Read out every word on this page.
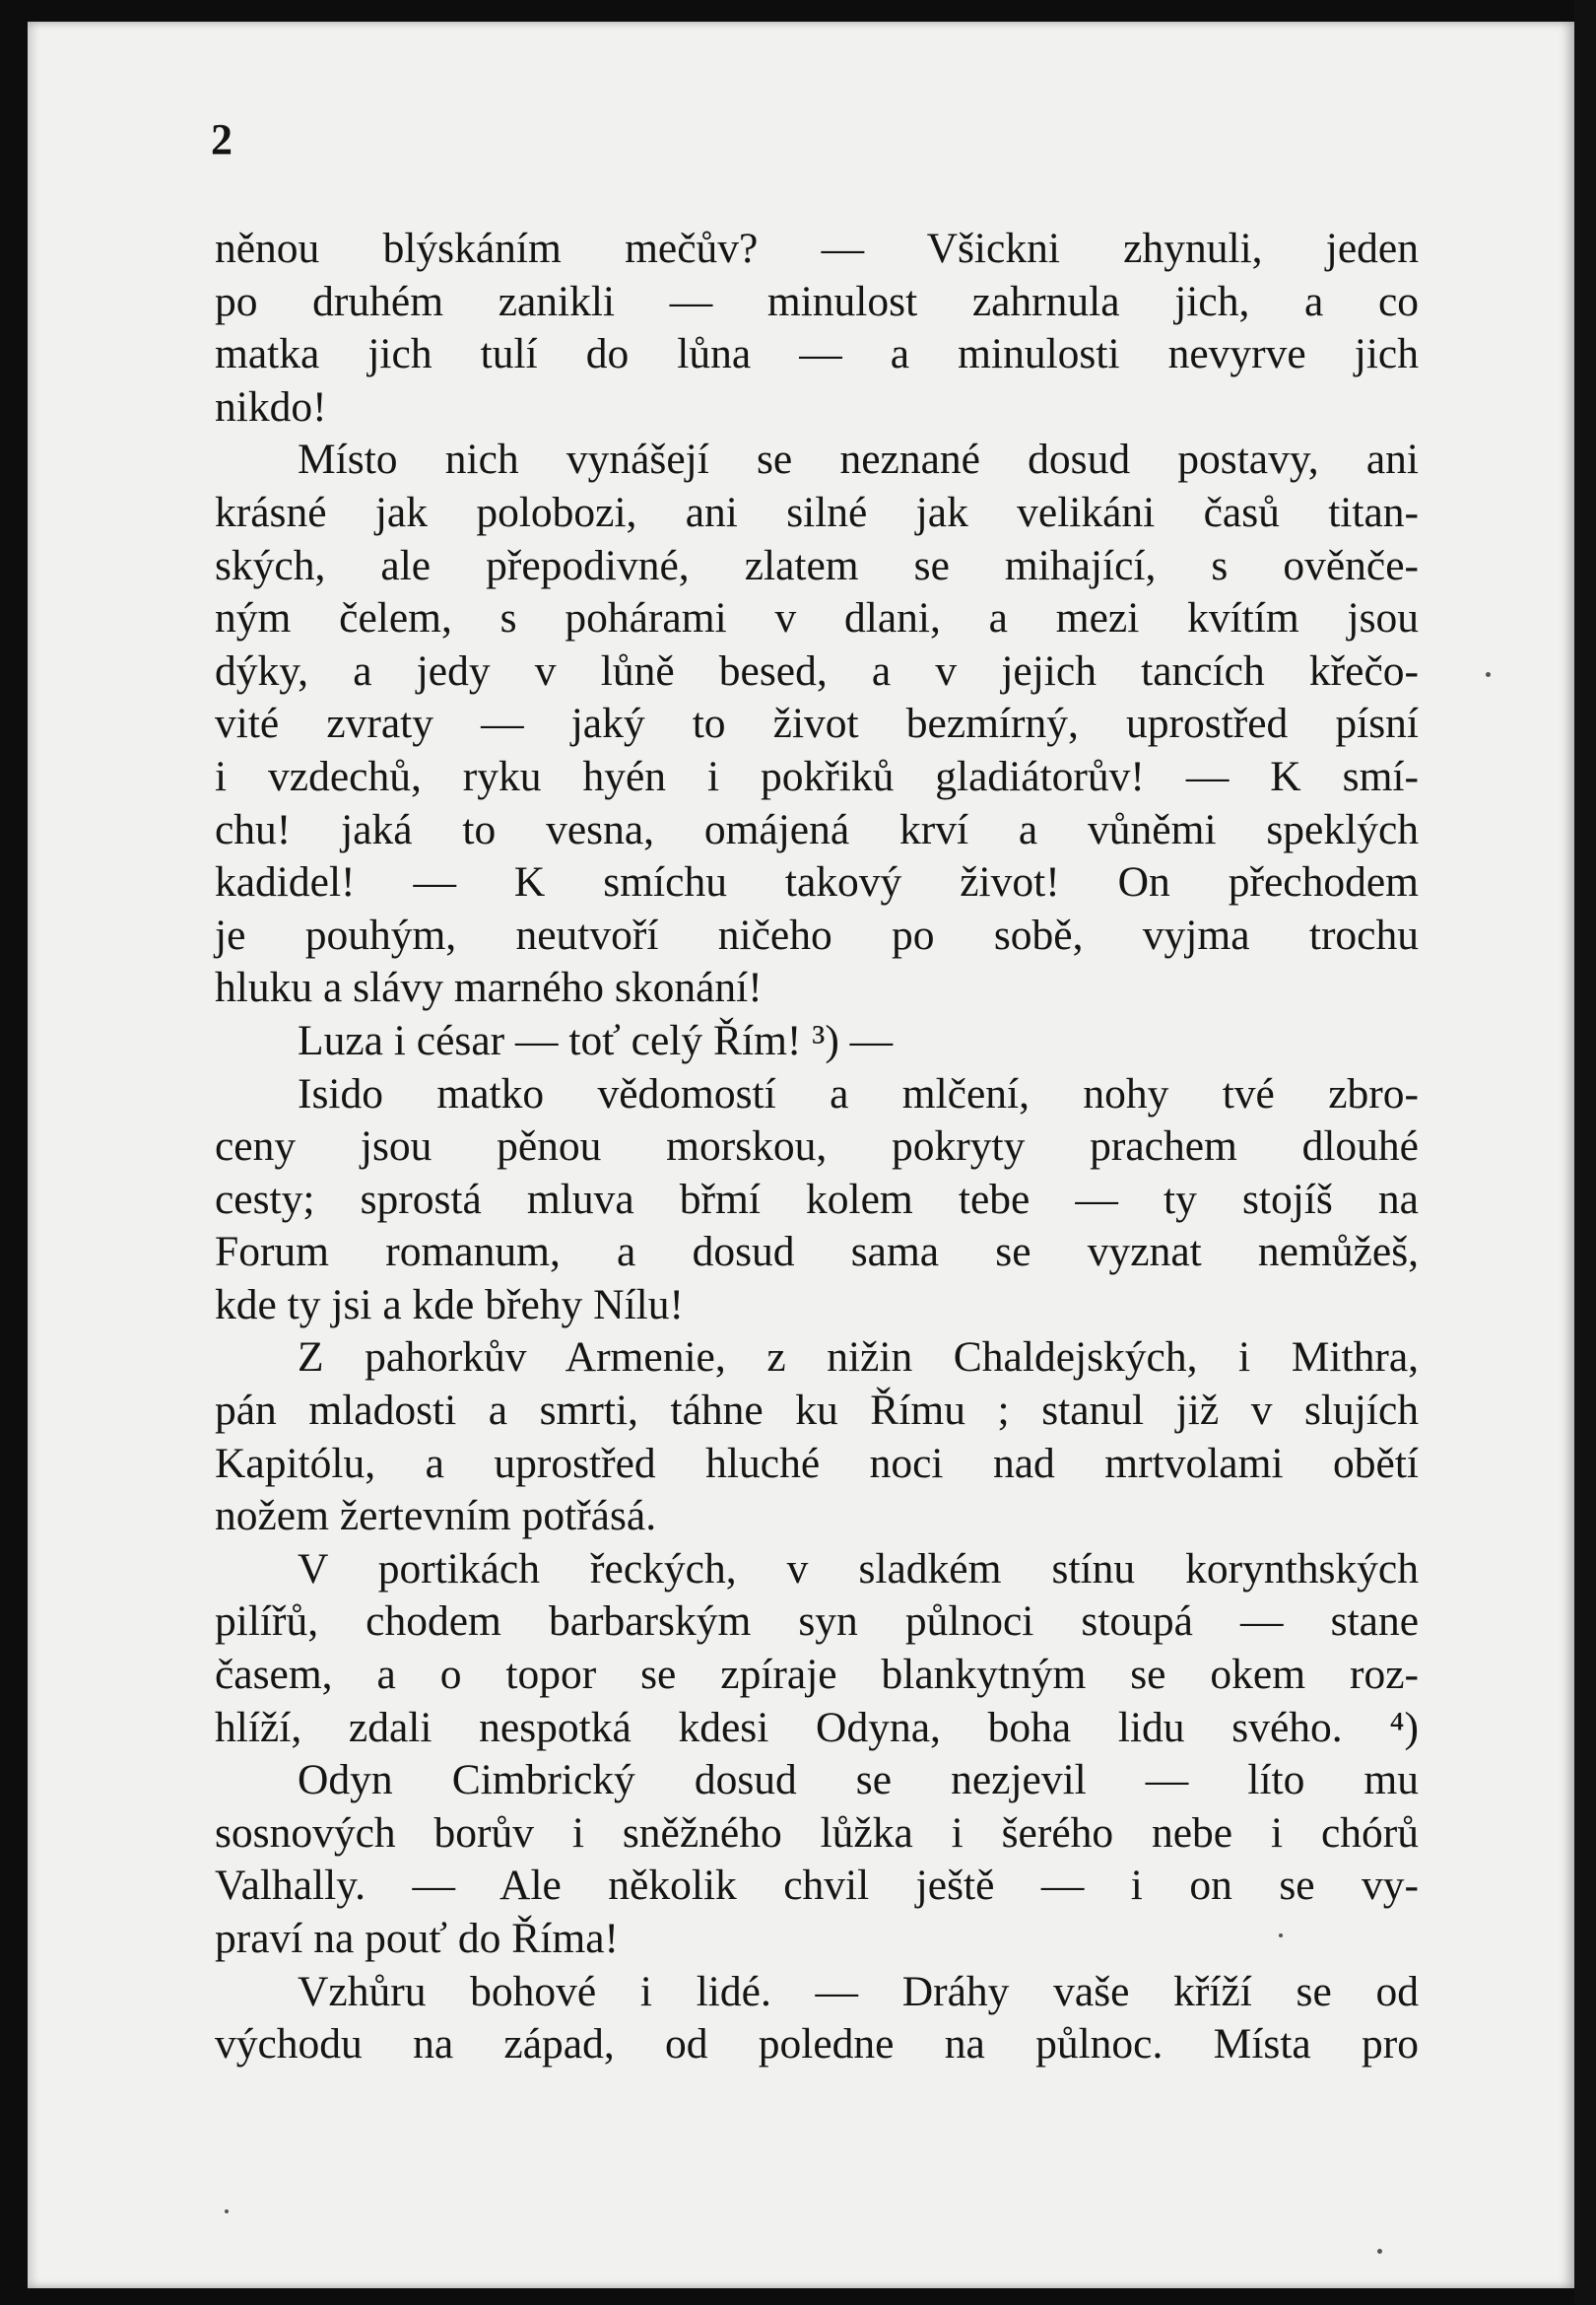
2
něnou blýskáním mečův? — Všickni zhynuli, jeden
po druhém zanikli — minulost zahrnula jich, a co
matka jich tulí do lůna — a minulosti nevyrve jich
nikdo!
Místo nich vynášejí se neznané dosud postavy, ani
krásné jak polobozi, ani silné jak velikáni časů titan-
ských, ale přepodivné, zlatem se mihající, s ověnče-
ným čelem, s pohárami v dlani, a mezi kvítím jsou
dýky, a jedy v lůně besed, a v jejich tancích křečo-
vité zvraty — jaký to život bezmírný, uprostřed písní
i vzdechů, ryku hyén i pokřiků gladiátorův! — K smí-
chu! jaká to vesna, omájená krví a vůněmi speklých
kadidel! — K smíchu takový život! On přechodem
je pouhým, neutvoří ničeho po sobě, vyjma trochu
hluku a slávy marného skonání!
Luza i césar — toť celý Řím! ³) —
Isido matko vědomostí a mlčení, nohy tvé zbro-
ceny jsou pěnou morskou, pokryty prachem dlouhé
cesty; sprostá mluva břmí kolem tebe — ty stojíš na
Forum romanum, a dosud sama se vyznat nemůžeš,
kde ty jsi a kde břehy Nílu!
Z pahorkův Armenie, z nižin Chaldejských, i Mithra,
pán mladosti a smrti, táhne ku Římu ; stanul již v slujích
Kapitólu, a uprostřed hluché noci nad mrtvolami obětí
nožem žertevním potřásá.
V portikách řeckých, v sladkém stínu korynthských
pilířů, chodem barbarským syn půlnoci stoupá — stane
časem, a o topor se zpíraje blankytným se okem roz-
hlíží, zdali nespotká kdesi Odyna, boha lidu svého. ⁴)
Odyn Cimbrický dosud se nezjevil — líto mu
sosnových borův i sněžného lůžka i šerého nebe i chórů
Valhally. — Ale několik chvil ještě — i on se vy-
praví na pouť do Říma!
Vzhůru bohové i lidé. — Dráhy vaše kříží se od
východu na západ, od poledne na půlnoc. Místa pro
